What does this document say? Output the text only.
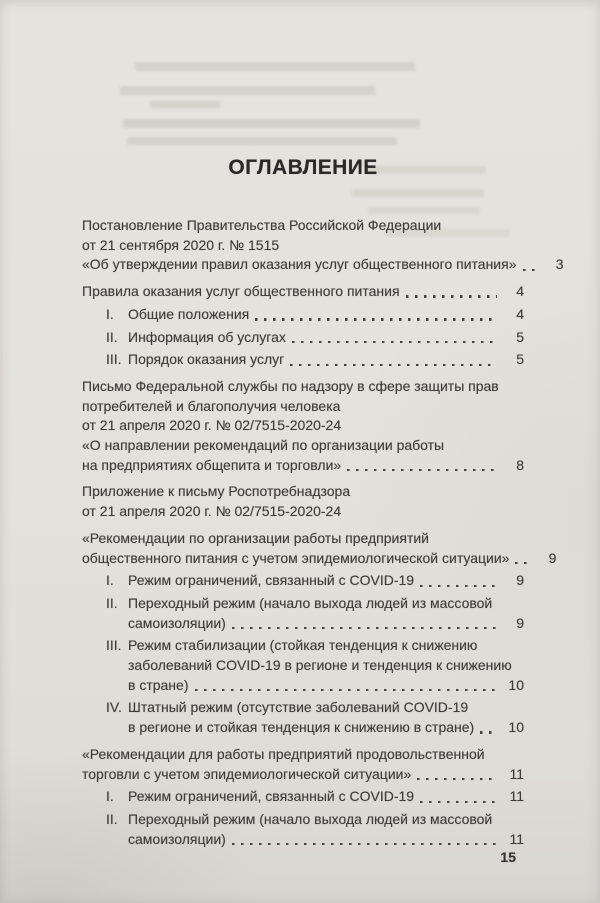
ОГЛАВЛЕНИЕ
Постановление Правительства Российской Федерации
от 21 сентября 2020 г. № 1515
«Об утверждении правил оказания услуг общественного питания»	3
Правила оказания услуг общественного питания	4
I.	Общие положения	4
II. Информация об услугах	5
III. Порядок оказания услуг	5
Письмо Федеральной службы по надзору в сфере защиты прав
потребителей и благополучия человека
от 21 апреля 2020 г. № 02/7515-2020-24
«О направлении рекомендаций по организации работы
на предприятиях общепита и торговли»	8
Приложение к письму Роспотребнадзора
от 21 апреля 2020 г. № 02/7515-2020-24
«Рекомендации по организации работы предприятий
общественного питания с учетом эпидемиологической ситуации»	9
I.	Режим ограничений, связанный с COVID-19	9
II. Переходный режим (начало выхода людей из массовой
самоизоляции)	9
III. Режим стабилизации (стойкая тенденция к снижению
заболеваний COVID-19 в регионе и тенденция к снижению
в стране)	10
IV. Штатный режим (отсутствие заболеваний COVID-19
в регионе и стойкая тенденция к снижению в стране)	10
«Рекомендации для работы предприятий продовольственной
торговли с учетом эпидемиологической ситуации»	11
I.	Режим ограничений, связанный с COVID-19	11
II. Переходный режим (начало выхода людей из массовой
самоизоляции)	11
15
